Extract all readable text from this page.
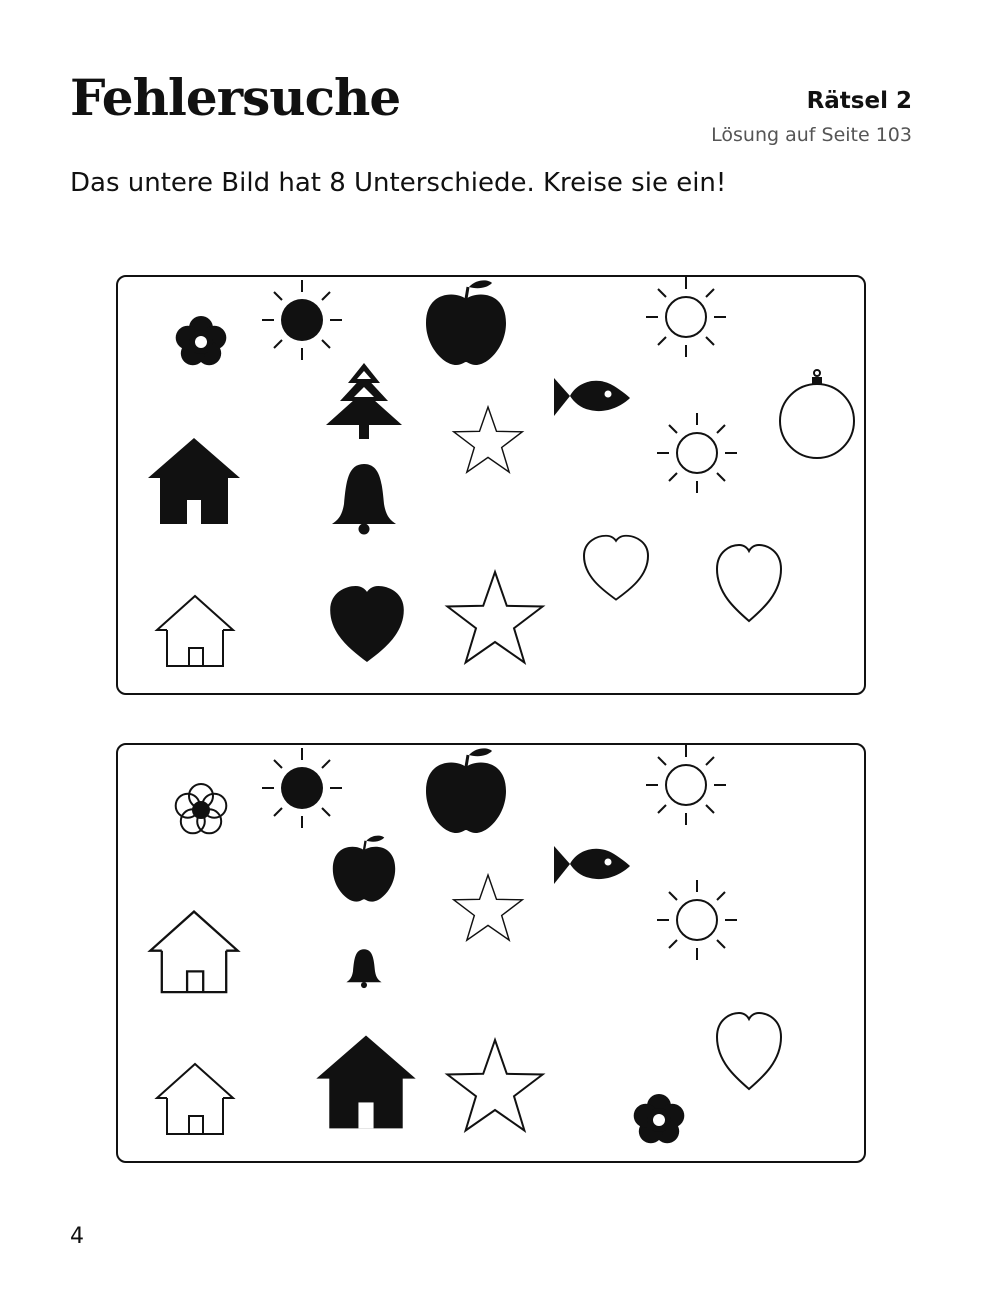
Fehlersuche	Rätsel 2
Lösung auf Seite 103
Das untere Bild hat 8 Unterschiede. Kreise sie ein!
4
